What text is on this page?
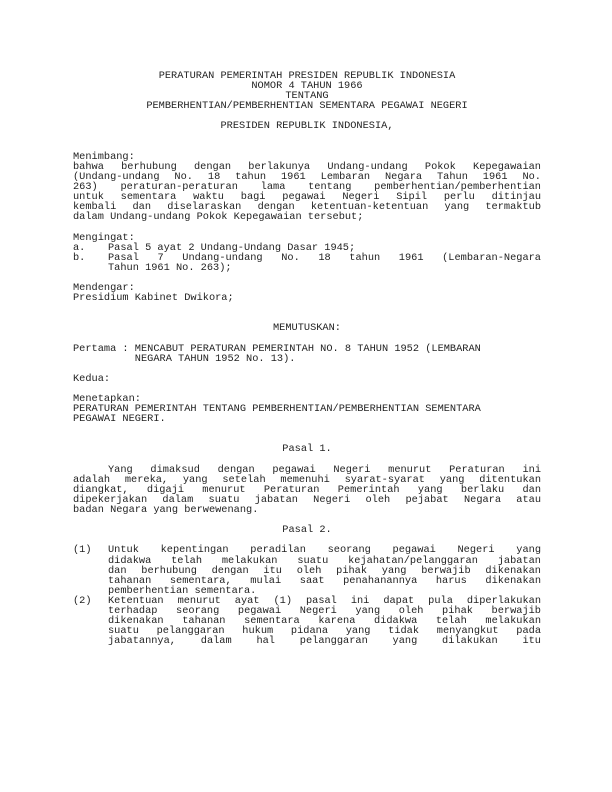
PERATURAN PEMERINTAH PRESIDEN REPUBLIK INDONESIA
NOMOR 4 TAHUN 1966
TENTANG
PEMBERHENTIAN/PEMBERHENTIAN SEMENTARA PEGAWAI NEGERI
PRESIDEN REPUBLIK INDONESIA,
Menimbang:
bahwa berhubung dengan berlakunya Undang-undang Pokok Kepegawaian
(Undang-undang No. 18 tahun 1961 Lembaran Negara Tahun 1961 No.
263) peraturan-peraturan lama tentang pemberhentian/pemberhentian
untuk sementara waktu bagi pegawai Negeri Sipil perlu ditinjau
kembali dan diselaraskan dengan ketentuan-ketentuan yang termaktub
dalam Undang-undang Pokok Kepegawaian tersebut;
Mengingat:
a.	Pasal 5 ayat 2 Undang-Undang Dasar 1945;
b.	Pasal 7 Undang-undang No. 18 tahun 1961 (Lembaran-Negara
Tahun 1961 No. 263);
Mendengar:
Presidium Kabinet Dwikora;
MEMUTUSKAN:
Pertama : MENCABUT PERATURAN PEMERINTAH NO. 8 TAHUN 1952 (LEMBARAN
NEGARA TAHUN 1952 No. 13).
Kedua:
Menetapkan:
PERATURAN PEMERINTAH TENTANG PEMBERHENTIAN/PEMBERHENTIAN SEMENTARA
PEGAWAI NEGERI.
Pasal 1.
Yang dimaksud dengan pegawai Negeri menurut Peraturan ini
adalah mereka, yang setelah memenuhi syarat-syarat yang ditentukan
diangkat, digaji menurut Peraturan Pemerintah yang berlaku dan
dipekerjakan dalam suatu jabatan Negeri oleh pejabat Negara atau
badan Negara yang berwewenang.
Pasal 2.
(1)	Untuk kepentingan peradilan seorang pegawai Negeri yang
didakwa telah melakukan suatu kejahatan/pelanggaran jabatan
dan berhubung dengan itu oleh pihak yang berwajib dikenakan
tahanan sementara, mulai saat penahanannya harus dikenakan
pemberhentian sementara.
(2)	Ketentuan menurut ayat (1) pasal ini dapat pula diperlakukan
terhadap seorang pegawai Negeri yang oleh pihak berwajib
dikenakan tahanan sementara karena didakwa telah melakukan
suatu pelanggaran hukum pidana yang tidak menyangkut pada
jabatannya, dalam hal pelanggaran yang dilakukan itu
